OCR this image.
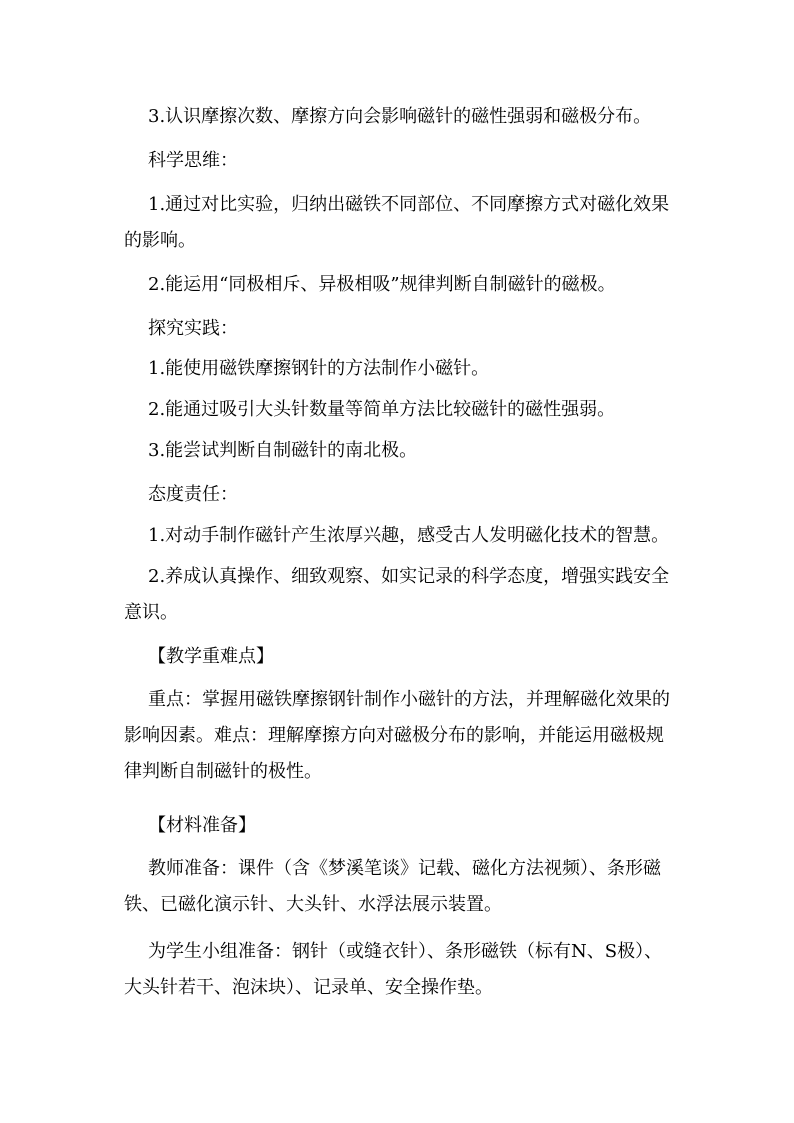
3.认识摩擦次数、摩擦方向会影响磁针的磁性强弱和磁极分布。

科学思维：

1.通过对比实验，归纳出磁铁不同部位、不同摩擦方式对磁化效果的影响。

2.能运用“同极相斥、异极相吸”规律判断自制磁针的磁极。

探究实践：

1.能使用磁铁摩擦钢针的方法制作小磁针。

2.能通过吸引大头针数量等简单方法比较磁针的磁性强弱。

3.能尝试判断自制磁针的南北极。

态度责任：

1.对动手制作磁针产生浓厚兴趣，感受古人发明磁化技术的智慧。

2.养成认真操作、细致观察、如实记录的科学态度，增强实践安全意识。

【教学重难点】

重点：掌握用磁铁摩擦钢针制作小磁针的方法，并理解磁化效果的影响因素。难点：理解摩擦方向对磁极分布的影响，并能运用磁极规律判断自制磁针的极性。

【材料准备】

教师准备：课件（含《梦溪笔谈》记载、磁化方法视频）、条形磁铁、已磁化演示针、大头针、水浮法展示装置。

为学生小组准备：钢针（或缝衣针）、条形磁铁（标有N、S极）、大头针若干、泡沫块）、记录单、安全操作垫。
